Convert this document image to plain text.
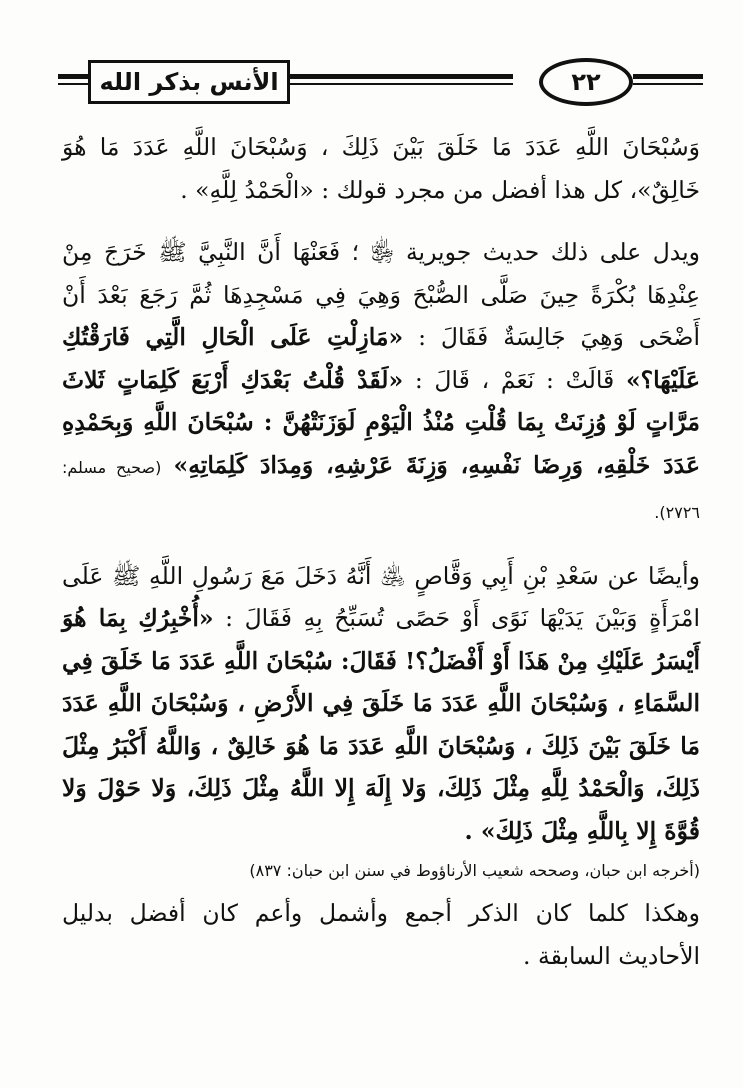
الأنس بذكر الله	٢٢

وَسُبْحَانَ اللَّهِ عَدَدَ مَا خَلَقَ بَيْنَ ذَلِكَ ، وَسُبْحَانَ اللَّهِ عَدَدَ مَا هُوَ خَالِقٌ»، كل هذا أفضل من مجرد قولك : «الْحَمْدُ لِلَّهِ» .

ويدل على ذلك حديث جويرية ﵂ ؛ فَعَنْهَا أَنَّ النَّبِيَّ ﷺ خَرَجَ مِنْ عِنْدِهَا بُكْرَةً حِينَ صَلَّى الصُّبْحَ وَهِيَ فِي مَسْجِدِهَا ثُمَّ رَجَعَ بَعْدَ أَنْ أَضْحَى وَهِيَ جَالِسَةٌ فَقَالَ : «مَازِلْتِ عَلَى الْحَالِ الَّتِي فَارَقْتُكِ عَلَيْهَا؟» قَالَتْ : نَعَمْ ، قَالَ : «لَقَدْ قُلْتُ بَعْدَكِ أَرْبَعَ كَلِمَاتٍ ثَلاثَ مَرَّاتٍ لَوْ وُزِنَتْ بِمَا قُلْتِ مُنْذُ الْيَوْمِ لَوَزَنَتْهُنَّ : سُبْحَانَ اللَّهِ وَبِحَمْدِهِ عَدَدَ خَلْقِهِ، وَرِضَا نَفْسِهِ، وَزِنَةَ عَرْشِهِ، وَمِدَادَ كَلِمَاتِهِ» (صحيح مسلم: ٢٧٢٦).

وأيضًا عن سَعْدِ بْنِ أَبِي وَقَّاصٍ ﵁ أَنَّهُ دَخَلَ مَعَ رَسُولِ اللَّهِ ﷺ عَلَى امْرَأَةٍ وَبَيْنَ يَدَيْهَا نَوًى أَوْ حَصًى تُسَبِّحُ بِهِ فَقَالَ : «أُخْبِرُكِ بِمَا هُوَ أَيْسَرُ عَلَيْكِ مِنْ هَذَا أَوْ أَفْضَلُ؟! فَقَالَ: سُبْحَانَ اللَّهِ عَدَدَ مَا خَلَقَ فِي السَّمَاءِ ، وَسُبْحَانَ اللَّهِ عَدَدَ مَا خَلَقَ فِي الأَرْضِ ، وَسُبْحَانَ اللَّهِ عَدَدَ مَا خَلَقَ بَيْنَ ذَلِكَ ، وَسُبْحَانَ اللَّهِ عَدَدَ مَا هُوَ خَالِقٌ ، وَاللَّهُ أَكْبَرُ مِثْلَ ذَلِكَ، وَالْحَمْدُ لِلَّهِ مِثْلَ ذَلِكَ، وَلا إِلَهَ إِلا اللَّهُ مِثْلَ ذَلِكَ، وَلا حَوْلَ وَلا قُوَّةَ إِلا بِاللَّهِ مِثْلَ ذَلِكَ» .

(أخرجه ابن حبان، وصححه شعيب الأرناؤوط في سنن ابن حبان: ٨٣٧)

وهكذا كلما كان الذكر أجمع وأشمل وأعم كان أفضل بدليل الأحاديث السابقة .
